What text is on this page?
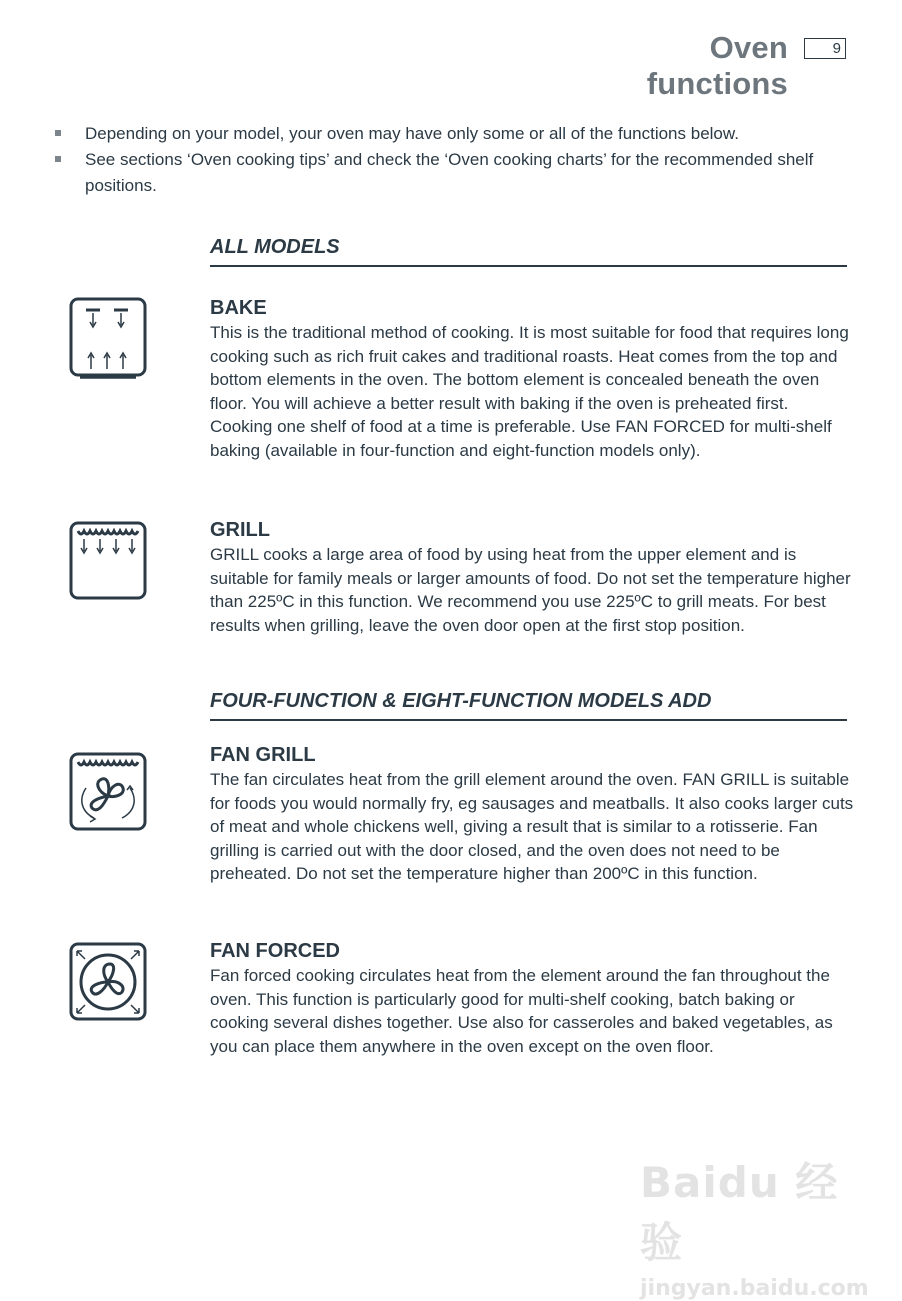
Oven functions
9
Depending on your model, your oven may have only some or all of the functions below.
See sections ‘Oven cooking tips’ and check the ‘Oven cooking charts’ for the recommended shelf positions.
ALL MODELS
BAKE
This is the traditional method of cooking. It is most suitable for food that requires long cooking such as rich fruit cakes and traditional roasts. Heat comes from the top and bottom elements in the oven. The bottom element is concealed beneath the oven floor. You will achieve a better result with baking if the oven is preheated first. Cooking one shelf of food at a time is preferable. Use FAN FORCED for multi-shelf baking (available in four-function and eight-function models only).
GRILL
GRILL cooks a large area of food by using heat from the upper element and is suitable for family meals or larger amounts of food. Do not set the temperature higher than 225ºC in this function. We recommend you use 225ºC to grill meats. For best results when grilling, leave the oven door open at the first stop position.
FOUR-FUNCTION & EIGHT-FUNCTION MODELS ADD
FAN GRILL
The fan circulates heat from the grill element around the oven. FAN GRILL is suitable for foods you would normally fry, eg sausages and meatballs. It also cooks larger cuts of meat and whole chickens well, giving a result that is similar to a rotisserie. Fan grilling is carried out with the door closed, and the oven does not need to be preheated. Do not set the temperature higher than 200ºC in this function.
FAN FORCED
Fan forced cooking circulates heat from the element around the fan throughout the oven. This function is particularly good for multi-shelf cooking, batch baking or cooking several dishes together. Use also for casseroles and baked vegetables, as you can place them anywhere in the oven except on the oven floor.
Baidu 经验
jingyan.baidu.com
